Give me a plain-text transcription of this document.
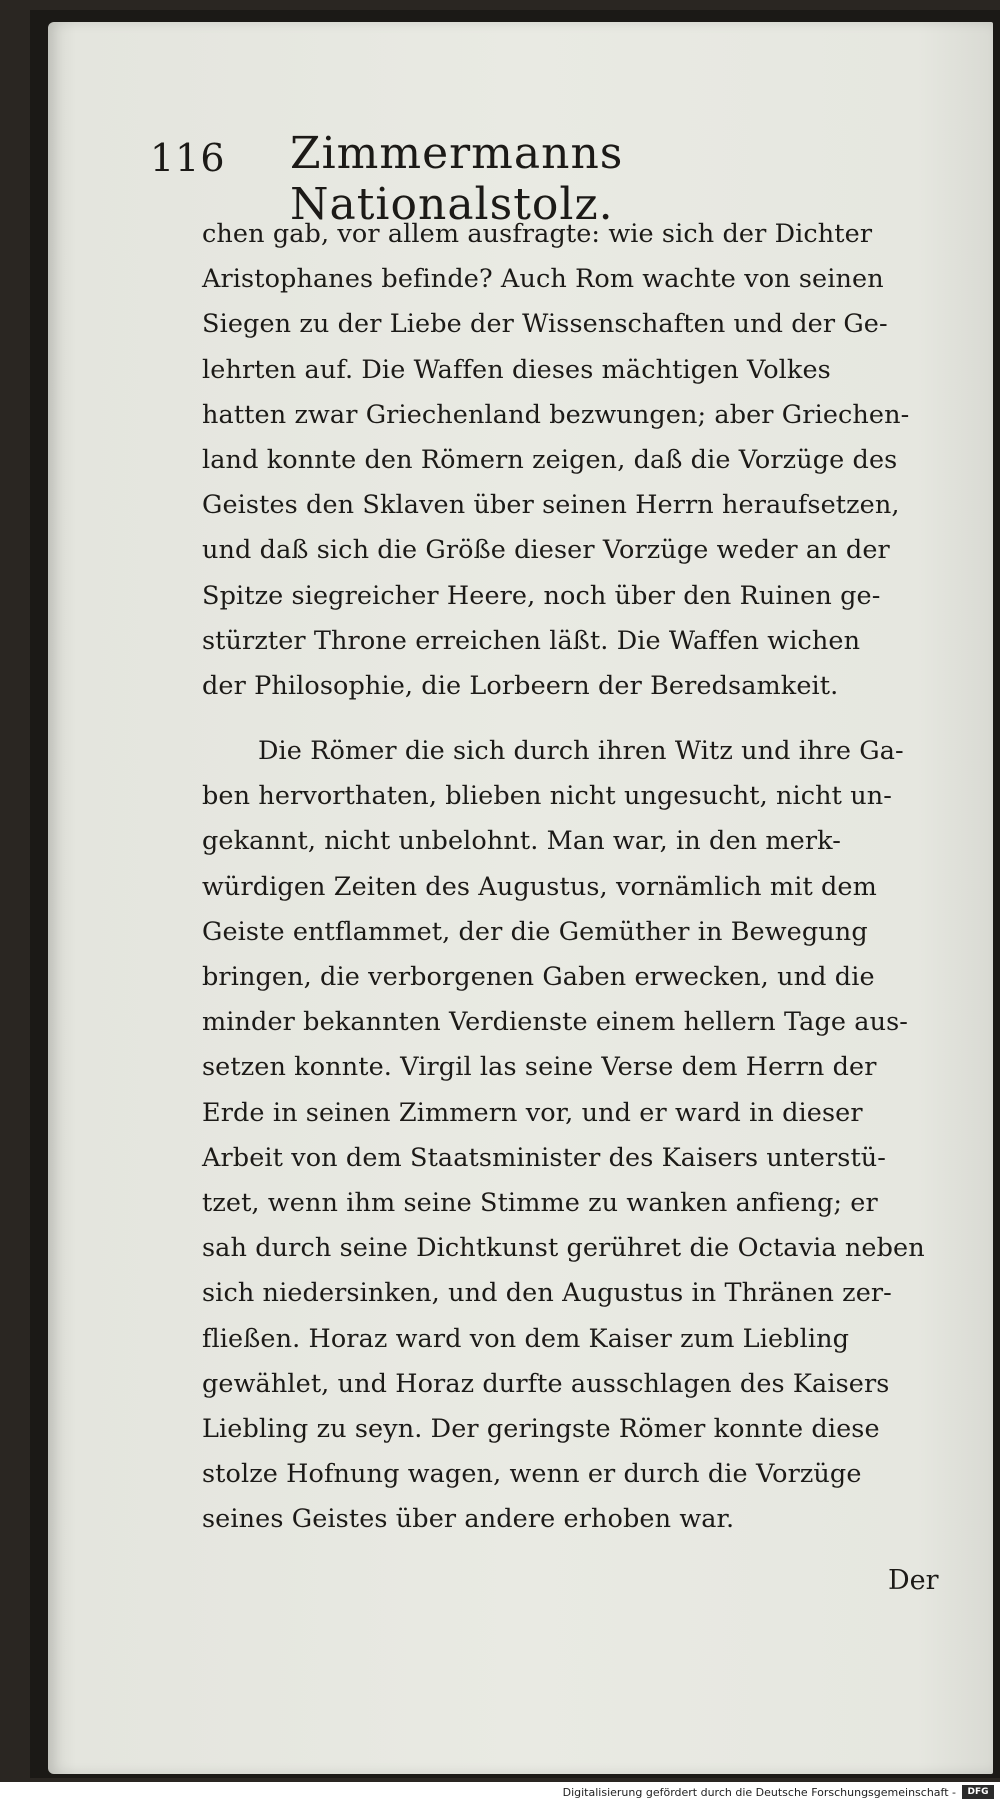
116 Zimmermanns Nationalstolz.
chen gab, vor allem ausfragte: wie sich der Dichter
Aristophanes befinde? Auch Rom wachte von seinen
Siegen zu der Liebe der Wissenschaften und der Ge-
lehrten auf. Die Waffen dieses mächtigen Volkes
hatten zwar Griechenland bezwungen; aber Griechen-
land konnte den Römern zeigen, daß die Vorzüge des
Geistes den Sklaven über seinen Herrn heraufsetzen,
und daß sich die Größe dieser Vorzüge weder an der
Spitze siegreicher Heere, noch über den Ruinen ge-
stürzter Throne erreichen läßt. Die Waffen wichen
der Philosophie, die Lorbeern der Beredsamkeit.
Die Römer die sich durch ihren Witz und ihre Ga-
ben hervorthaten, blieben nicht ungesucht, nicht un-
gekannt, nicht unbelohnt. Man war, in den merk-
würdigen Zeiten des Augustus, vornämlich mit dem
Geiste entflammet, der die Gemüther in Bewegung
bringen, die verborgenen Gaben erwecken, und die
minder bekannten Verdienste einem hellern Tage aus-
setzen konnte. Virgil las seine Verse dem Herrn der
Erde in seinen Zimmern vor, und er ward in dieser
Arbeit von dem Staatsminister des Kaisers unterstü-
tzet, wenn ihm seine Stimme zu wanken anfieng; er
sah durch seine Dichtkunst gerühret die Octavia neben
sich niedersinken, und den Augustus in Thränen zer-
fließen. Horaz ward von dem Kaiser zum Liebling
gewählet, und Horaz durfte ausschlagen des Kaisers
Liebling zu seyn. Der geringste Römer konnte diese
stolze Hofnung wagen, wenn er durch die Vorzüge
seines Geistes über andere erhoben war.
Der
Digitalisierung gefördert durch die Deutsche Forschungsgemeinschaft -	DFG
